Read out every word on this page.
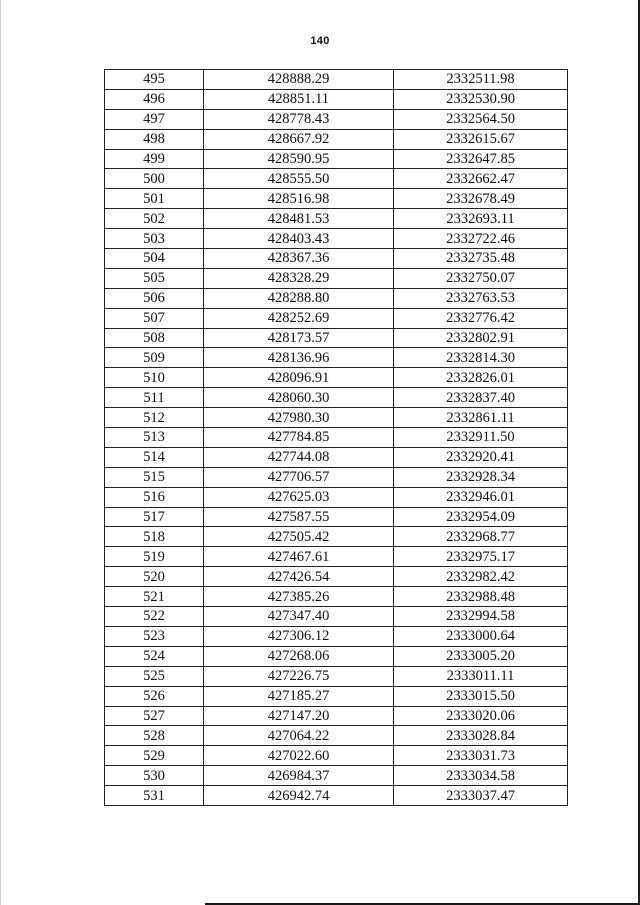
140
495	428888.29	2332511.98
496	428851.11	2332530.90
497	428778.43	2332564.50
498	428667.92	2332615.67
499	428590.95	2332647.85
500	428555.50	2332662.47
501	428516.98	2332678.49
502	428481.53	2332693.11
503	428403.43	2332722.46
504	428367.36	2332735.48
505	428328.29	2332750.07
506	428288.80	2332763.53
507	428252.69	2332776.42
508	428173.57	2332802.91
509	428136.96	2332814.30
510	428096.91	2332826.01
511	428060.30	2332837.40
512	427980.30	2332861.11
513	427784.85	2332911.50
514	427744.08	2332920.41
515	427706.57	2332928.34
516	427625.03	2332946.01
517	427587.55	2332954.09
518	427505.42	2332968.77
519	427467.61	2332975.17
520	427426.54	2332982.42
521	427385.26	2332988.48
522	427347.40	2332994.58
523	427306.12	2333000.64
524	427268.06	2333005.20
525	427226.75	2333011.11
526	427185.27	2333015.50
527	427147.20	2333020.06
528	427064.22	2333028.84
529	427022.60	2333031.73
530	426984.37	2333034.58
531	426942.74	2333037.47
